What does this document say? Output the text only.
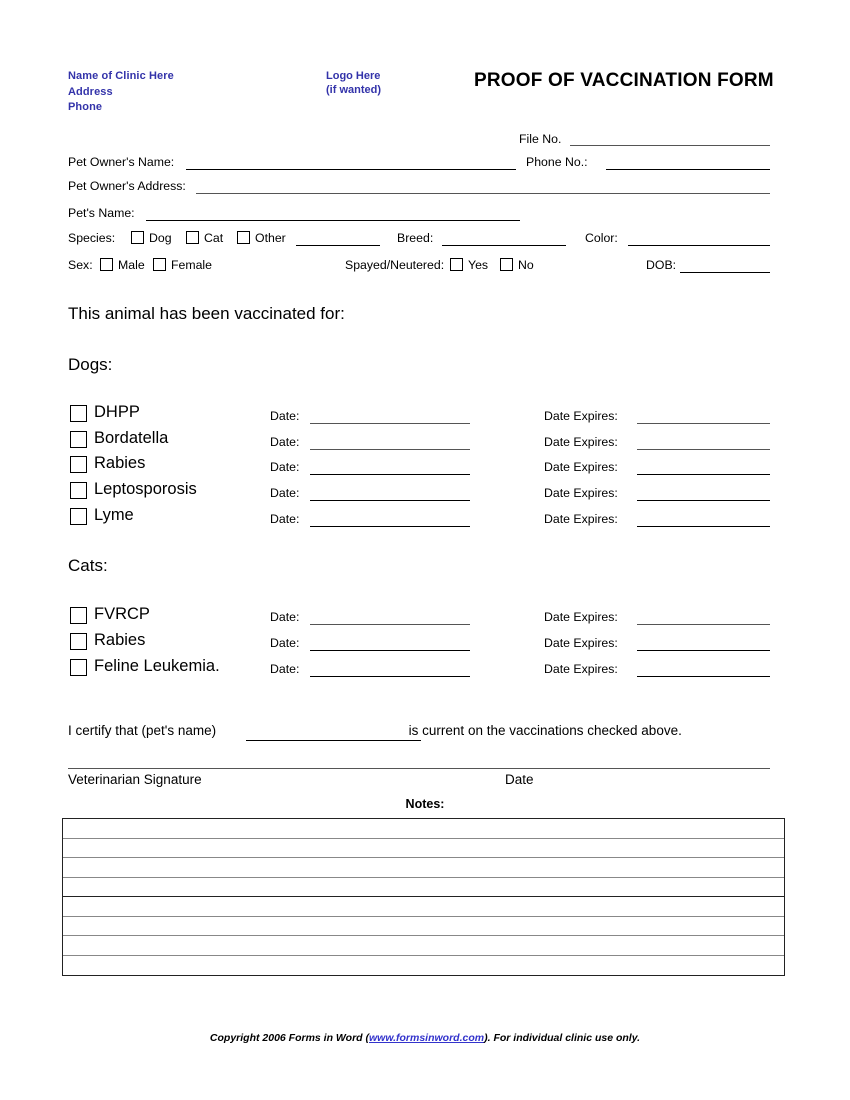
Name of Clinic Here
Address
Phone
Logo Here
(if wanted)	PROOF OF VACCINATION FORM
File No.
Pet Owner's Name:	Phone No.:
Pet Owner's Address:
Pet's Name:
Species:	Dog	Cat	Other	Breed:	Color:
Sex: Male Female	Spayed/Neutered: Yes No	DOB:
This animal has been vaccinated for:
Dogs:
DHPP	Date:	Date Expires:
Bordatella	Date:	Date Expires:
Rabies	Date:	Date Expires:
Leptosporosis	Date:	Date Expires:
Lyme	Date:	Date Expires:
Cats:
FVRCP	Date:	Date Expires:
Rabies	Date:	Date Expires:
Feline Leukemia.	Date:	Date Expires:
I certify that (pet's name)	is current on the vaccinations checked above.
Veterinarian Signature	Date
Notes:
Copyright 2006 Forms in Word (www.formsinword.com). For individual clinic use only.
